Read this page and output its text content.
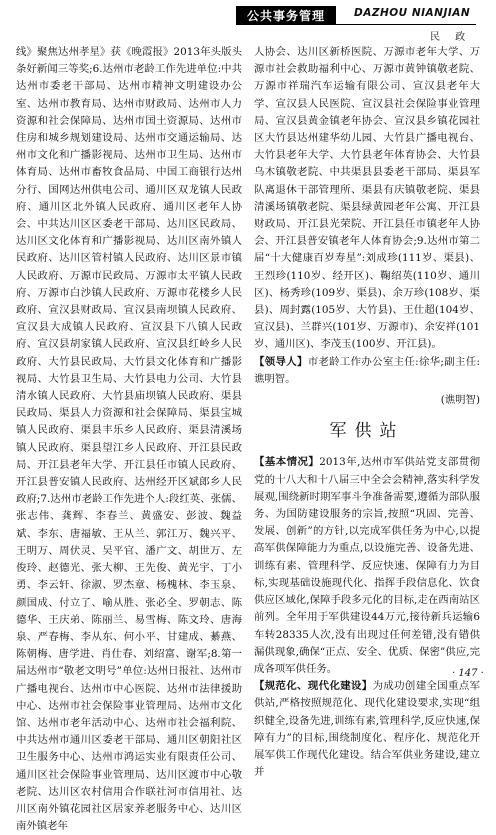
公共事务管理	DAZHOU NIANJIAN
民 政

线》聚焦达州孝星》获《晚霞报》2013年头版头条好新闻三等奖;6.达州市老龄工作先进单位:中共达州市委老干部局、达州市精神文明建设办公室、达州市教育局、达州市财政局、达州市人力资源和社会保障局、达州市国土资源局、达州市住房和城乡规划建设局、达州市交通运输局、达州市文化和广播影视局、达州市卫生局、达州市体育局、达州市畜牧食品局、中国工商银行达州分行、国网达州供电公司、通川区双龙镇人民政府、通川区北外镇人民政府、通川区老年人协会、中共达川区区委老干部局、达川区民政局、达川区文化体育和广播影视局、达川区南外镇人民政府、达川区管村镇人民政府、达川区景市镇人民政府、万源市民政局、万源市太平镇人民政府、万源市白沙镇人民政府、万源市花楼乡人民政府、宣汉县财政局、宣汉县南坝镇人民政府、宣汉县大成镇人民政府、宣汉县下八镇人民政府、宣汉县胡家镇人民政府、宣汉县红岭乡人民政府、大竹县民政局、大竹县文化体育和广播影视局、大竹县卫生局、大竹县电力公司、大竹县清水镇人民政府、大竹县庙坝镇人民政府、渠县民政局、渠县人力资源和社会保障局、渠县宝城镇人民政府、渠县丰乐乡人民政府、渠县清溪场镇人民政府、渠县望江乡人民政府、开江县民政局、开江县老年大学、开江县任市镇人民政府、开江县普安镇人民政府、达州经开区斌郎乡人民政府;7.达州市老龄工作先进个人:段红英、张儒、张志伟、龚辉、李春兰、黄盛安、彭波、魏益斌、李东、唐福敏、王从兰、郭江万、魏兴平、王明万、周伏灵、吴平官、潘广文、胡世万、左俊玲、赵德光、张大柳、王先俊、黄光宇、丁小勇、李云轩、徐淑、罗杰章、杨槐林、李玉泉、颜国成、付立了、喻从胜、张必全、罗朝志、陈德华、王庆弟、陈丽兰、易雪梅、陈文玲、唐海泉、严春梅、李从东、何小平、甘建成、綦燕、陈朝梅、唐学进、肖仕春、刘绍富、谢军;8.第一届达州市“敬老文明号”单位:达州日报社、达州市广播电视台、达州市中心医院、达州市法律援助中心、达州市社会保险事业管理局、达州市文化馆、达州市老年活动中心、达州市社会福利院、中共达州市通川区委老干部局、通川区朝阳社区卫生服务中心、达州市鸿运实业有限责任公司、通川区社会保险事业管理局、达川区渡市中心敬老院、达川区农村信用合作联社河市信用社、达川区南外镇花园社区居家养老服务中心、达川区南外镇老年

人协会、达川区新桥医院、万源市老年大学、万源市社会救助福利中心、万源市黄钟镇敬老院、万源市祥瑞汽车运输有限公司、宣汉县老年大学、宣汉县人民医院、宣汉县社会保险事业管理局、宣汉县黄金镇老年协会、宣汉县乡镇花园社区大竹县达州建华幼儿园、大竹县广播电视台、大竹县老年大学、大竹县老年体育协会、大竹县乌木镇敬老院、中共渠县县委老干部局、渠县军队离退休干部管理所、渠县有庆镇敬老院、渠县清溪场镇敬老院、渠县绿黄园老年公寓、开江县财政局、开江县光荣院、开江县任市镇老年人协会、开江县普安镇老年人体育协会;9.达州市第二届“十大健康百岁寿星”:刘成珍(111岁、渠县)、王烈珍(110岁、经开区)、鞠绍英(110岁、通川区)、杨秀珍(109岁、渠县)、余万珍(108岁、渠县)、周封露(105岁、大竹县)、王仕超(104岁、宣汉县)、兰群兴(101岁、万源市)、余安祥(101岁、通川区)、李茂玉(100岁、开江县)。

【领导人】市老龄工作办公室主任:徐华;副主任:谯明智。

(谯明智)
军供站

【基本情况】2013年,达州市军供站党支部贯彻党的十八大和十八届三中全会会精神,落实科学发展观,围绕新时期军事斗争准备需要,遵循为部队服务、为国防建设服务的宗旨,按照“巩固、完善、发展、创新”的方针,以完成军供任务为中心,以提高军供保障能力为重点,以设施完善、设备先进、训练有素、管理科学、反应快速、保障有力为目标,实现基础设施现代化、指挥手段信息化、饮食供应区域化,保障手段多元化的目标,走在西南站区前列。全年用于军供建设44万元,接待新兵运输6车转28335人次,没有出现过任何差错,没有错供漏供现象,确保“正点、安全、优质、保密”供应,完成各项军供任务。

【规范化、现代化建设】为成功创建全国重点军供站,严格按照规范化、现代化建设要求,实现“组织健全,设备先进,训练有素,管理科学,反应快速,保障有力”的目标,围绕制度化、程序化、规范化开展军供工作现代化建设。结合军供业务建设,建立并

· 147 ·
